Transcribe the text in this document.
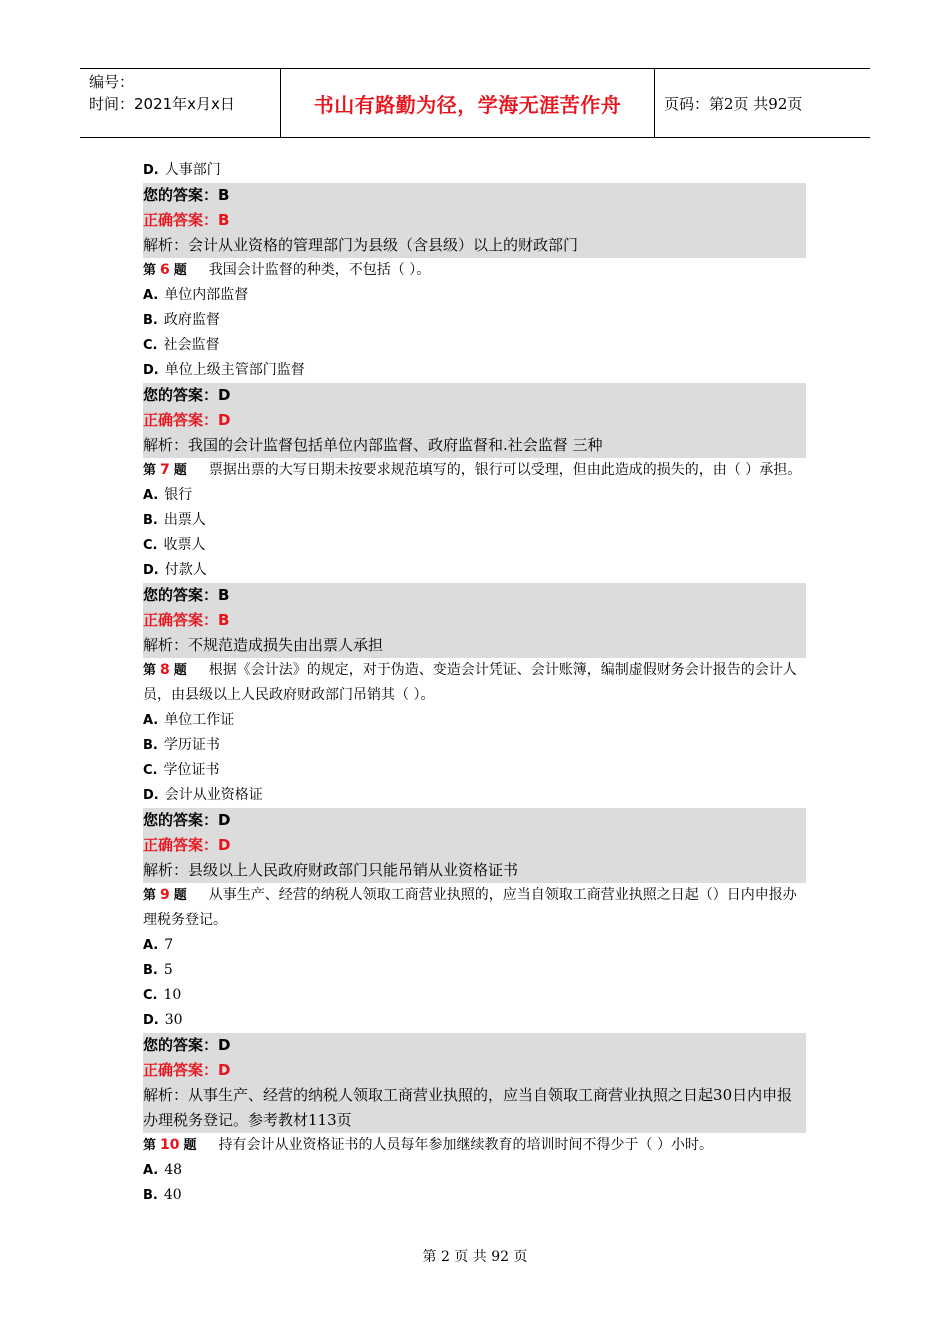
编号：
时间：2021年x月x日	书山有路勤为径，学海无涯苦作舟	页码：第2页 共92页
D. 人事部门
您的答案：B
正确答案：B
解析：会计从业资格的管理部门为县级（含县级）以上的财政部门
第 6 题 我国会计监督的种类，不包括（ ）。
A. 单位内部监督
B. 政府监督
C. 社会监督
D. 单位上级主管部门监督
您的答案：D
正确答案：D
解析：我国的会计监督包括单位内部监督、政府监督和.社会监督 三种
第 7 题 票据出票的大写日期未按要求规范填写的，银行可以受理，但由此造成的损失的，由（ ）承担。
A. 银行
B. 出票人
C. 收票人
D. 付款人
您的答案：B
正确答案：B
解析：不规范造成损失由出票人承担
第 8 题 根据《会计法》的规定，对于伪造、变造会计凭证、会计账簿，编制虚假财务会计报告的会计人员，由县级以上人民政府财政部门吊销其（ ）。
A. 单位工作证
B. 学历证书
C. 学位证书
D. 会计从业资格证
您的答案：D
正确答案：D
解析：县级以上人民政府财政部门只能吊销从业资格证书
第 9 题 从事生产、经营的纳税人领取工商营业执照的，应当自领取工商营业执照之日起（）日内申报办理税务登记。
A. 7
B. 5
C. 10
D. 30
您的答案：D
正确答案：D
解析：从事生产、经营的纳税人领取工商营业执照的，应当自领取工商营业执照之日起30日内申报办理税务登记。参考教材113页
第 10 题 持有会计从业资格证书的人员每年参加继续教育的培训时间不得少于（ ）小时。
A. 48
B. 40
第 2 页 共 92 页
